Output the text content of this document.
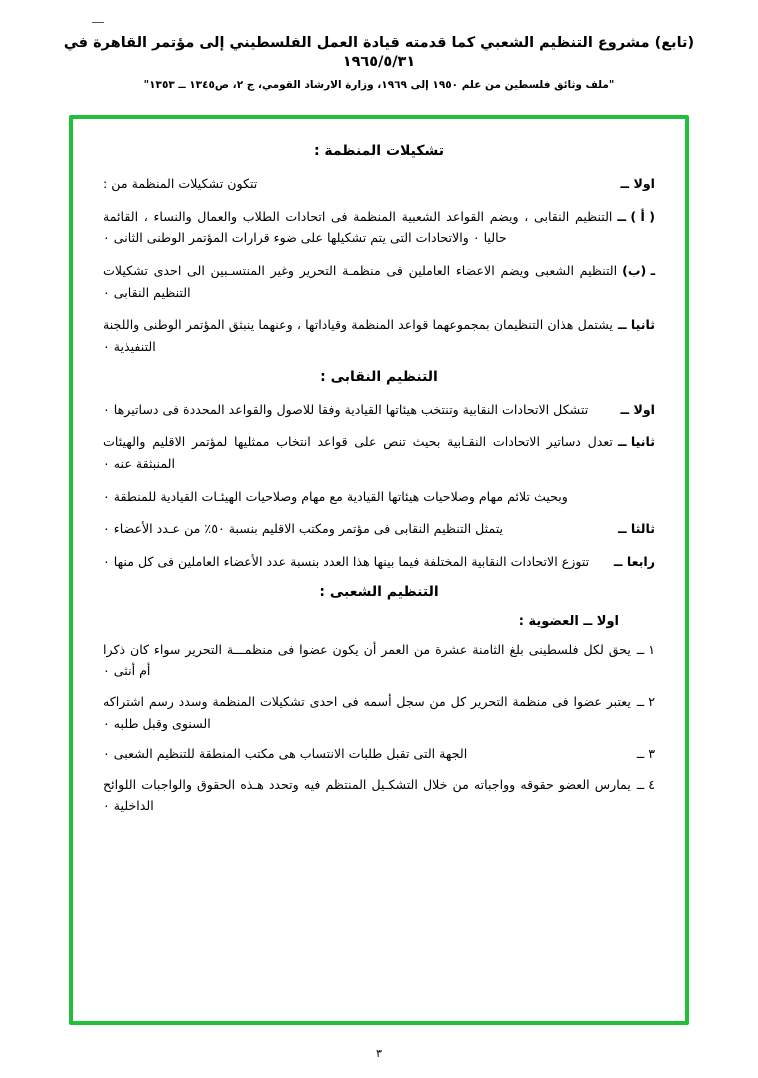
(تابع) مشروع التنظيم الشعبي كما قدمته قيادة العمل الفلسطيني إلى مؤتمر القاهرة في ١٩٦٥/٥/٣١
"ملف وثائق فلسطين من علم ١٩٥٠ إلى ١٩٦٩، وزارة الارشاد القومي، ج ٢، ص١٣٤٥ ــ ١٣٥٣"
تشكيلات المنظمة :
اولا ــ
تتكون تشكيلات المنظمة من :
( أ ) ــ
التنظيم النقابى ، ويضم القواعد الشعبية المنظمة فى اتحادات الطلاب والعمال والنساء ، القائمة حاليا ٠ والاتحادات التى يتم تشكيلها على ضوء قرارات المؤتمر الوطنى الثانى ٠
ـ (ب)
التنظيم الشعبى ويضم الاعضاء العاملين فى منظمـة التحرير وغير المنتسـبين الى احدى تشكيلات التنظيم النقابى ٠
ثانيا ــ
يشتمل هذان التنظيمان بمجموعهما قواعد المنظمة وقياداتها ، وعنهما ينبثق المؤتمر الوطنى واللجنة التنفيذية ٠
التنظيم النقابى :
اولا ــ
تتشكل الاتحادات النقابية وتنتخب هيئاتها القيادية وفقا للاصول والقواعد المحددة فى دساتيرها ٠
ثانيا ــ
تعدل دساتير الاتحادات النقـابية بحيث تنص على قواعد انتخاب ممثليها لمؤتمر الاقليم والهيئات المنبثقة عنه ٠
وبحيث تلائم مهام وصلاحيات هيئاتها القيادية مع مهام وصلاحيات الهيئـات القيادية للمنطقة ٠
ثالثا ــ
يتمثل التنظيم النقابى فى مؤتمر ومكتب الاقليم بنسبة ٥٠٪ من عـدد الأعضاء ٠
رابعا ــ
تتوزع الاتحادات النقابية المختلفة فيما بينها هذا العدد بنسبة عدد الأعضاء العاملين فى كل منها ٠
التنظيم الشعبى :
اولا ــ العضوية :
١ ــ
يحق لكل فلسطينى بلغ الثامنة عشرة من العمر أن يكون عضوا فى منظمـــة التحرير سواء كان ذكرا أم أنثى ٠
٢ ــ
يعتبر عضوا فى منظمة التحرير كل من سجل أسمه فى احدى تشكيلات المنظمة وسدد رسم اشتراكه السنوى وقبل طلبه ٠
٣ ــ
الجهة التى تقبل طلبات الانتساب هى مكتب المنطقة للتنظيم الشعبى ٠
٤ ــ
يمارس العضو حقوقه وواجباته من خلال التشكـيل المنتظم فيه وتحدد هـذه الحقوق والواجبات اللوائح الداخلية ٠
٣
